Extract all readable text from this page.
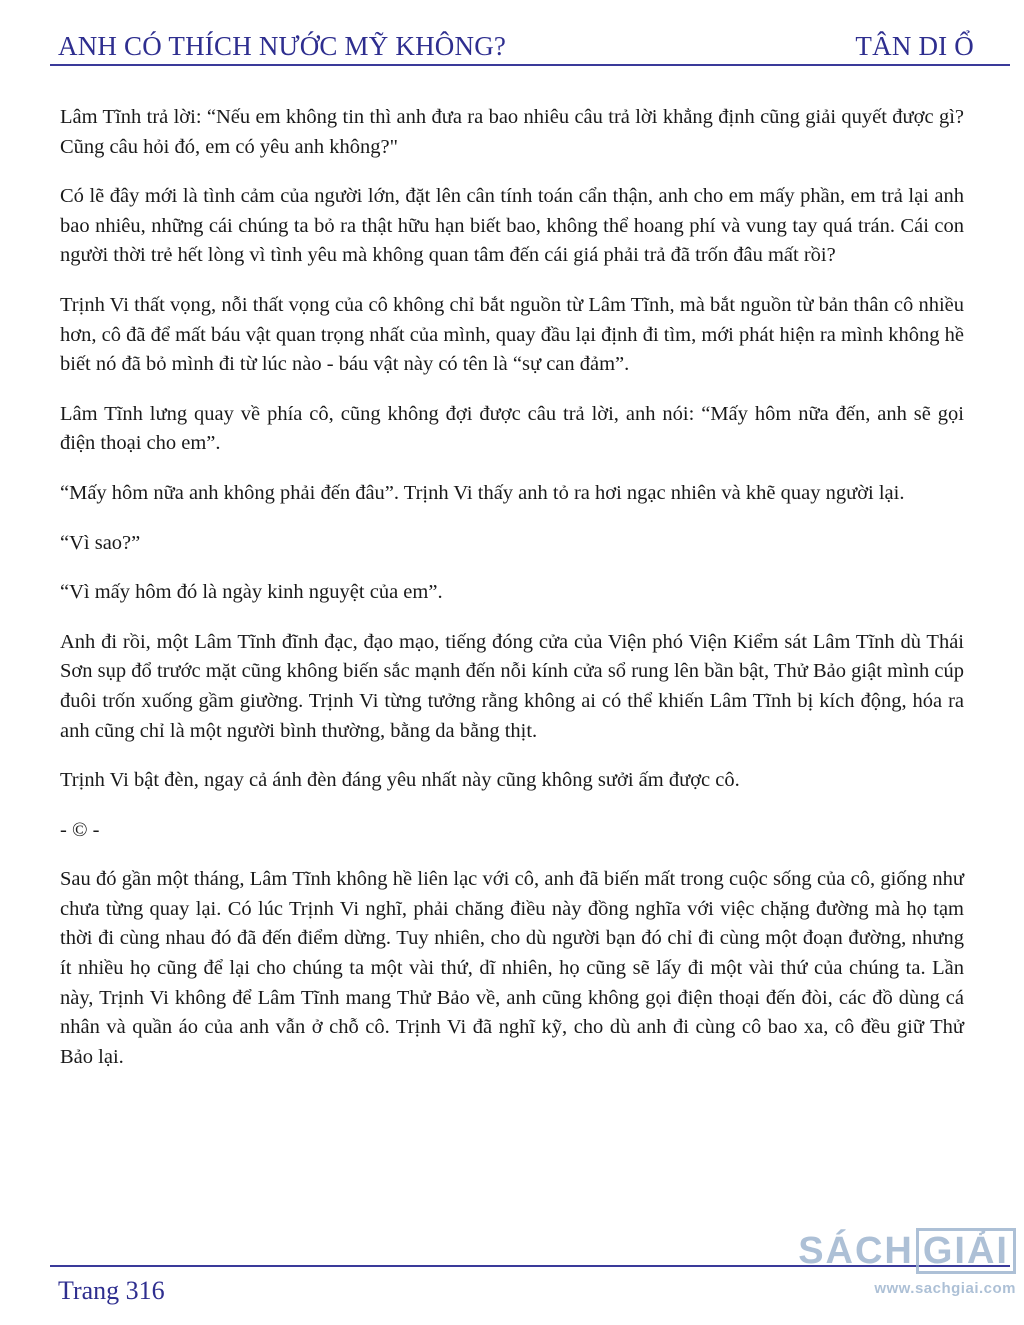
ANH CÓ THÍCH NƯỚC MỸ KHÔNG?	TÂN DI Ổ

Lâm Tĩnh trả lời: “Nếu em không tin thì anh đưa ra bao nhiêu câu trả lời khẳng định cũng giải quyết được gì? Cũng câu hỏi đó, em có yêu anh không?"

Có lẽ đây mới là tình cảm của người lớn, đặt lên cân tính toán cẩn thận, anh cho em mấy phần, em trả lại anh bao nhiêu, những cái chúng ta bỏ ra thật hữu hạn biết bao, không thể hoang phí và vung tay quá trán. Cái con người thời trẻ hết lòng vì tình yêu mà không quan tâm đến cái giá phải trả đã trốn đâu mất rồi?

Trịnh Vi thất vọng, nỗi thất vọng của cô không chỉ bắt nguồn từ Lâm Tĩnh, mà bắt nguồn từ bản thân cô nhiều hơn, cô đã để mất báu vật quan trọng nhất của mình, quay đầu lại định đi tìm, mới phát hiện ra mình không hề biết nó đã bỏ mình đi từ lúc nào - báu vật này có tên là “sự can đảm”.

Lâm Tĩnh lưng quay về phía cô, cũng không đợi được câu trả lời, anh nói: “Mấy hôm nữa đến, anh sẽ gọi điện thoại cho em”.

“Mấy hôm nữa anh không phải đến đâu”. Trịnh Vi thấy anh tỏ ra hơi ngạc nhiên và khẽ quay người lại.

“Vì sao?”

“Vì mấy hôm đó là ngày kinh nguyệt của em”.

Anh đi rồi, một Lâm Tĩnh đĩnh đạc, đạo mạo, tiếng đóng cửa của Viện phó Viện Kiểm sát Lâm Tĩnh dù Thái Sơn sụp đổ trước mặt cũng không biến sắc mạnh đến nỗi kính cửa sổ rung lên bần bật, Thử Bảo giật mình cúp đuôi trốn xuống gầm giường. Trịnh Vi từng tưởng rằng không ai có thể khiến Lâm Tĩnh bị kích động, hóa ra anh cũng chỉ là một người bình thường, bằng da bằng thịt.

Trịnh Vi bật đèn, ngay cả ánh đèn đáng yêu nhất này cũng không sưởi ấm được cô.

- © -

Sau đó gần một tháng, Lâm Tĩnh không hề liên lạc với cô, anh đã biến mất trong cuộc sống của cô, giống như chưa từng quay lại. Có lúc Trịnh Vi nghĩ, phải chăng điều này đồng nghĩa với việc chặng đường mà họ tạm thời đi cùng nhau đó đã đến điểm dừng. Tuy nhiên, cho dù người bạn đó chỉ đi cùng một đoạn đường, nhưng ít nhiều họ cũng để lại cho chúng ta một vài thứ, dĩ nhiên, họ cũng sẽ lấy đi một vài thứ của chúng ta. Lần này, Trịnh Vi không để Lâm Tĩnh mang Thử Bảo về, anh cũng không gọi điện thoại đến đòi, các đồ dùng cá nhân và quần áo của anh vẫn ở chỗ cô. Trịnh Vi đã nghĩ kỹ, cho dù anh đi cùng cô bao xa, cô đều giữ Thử Bảo lại.

Trang 316
SÁCH GIẢI
www.sachgiai.com
